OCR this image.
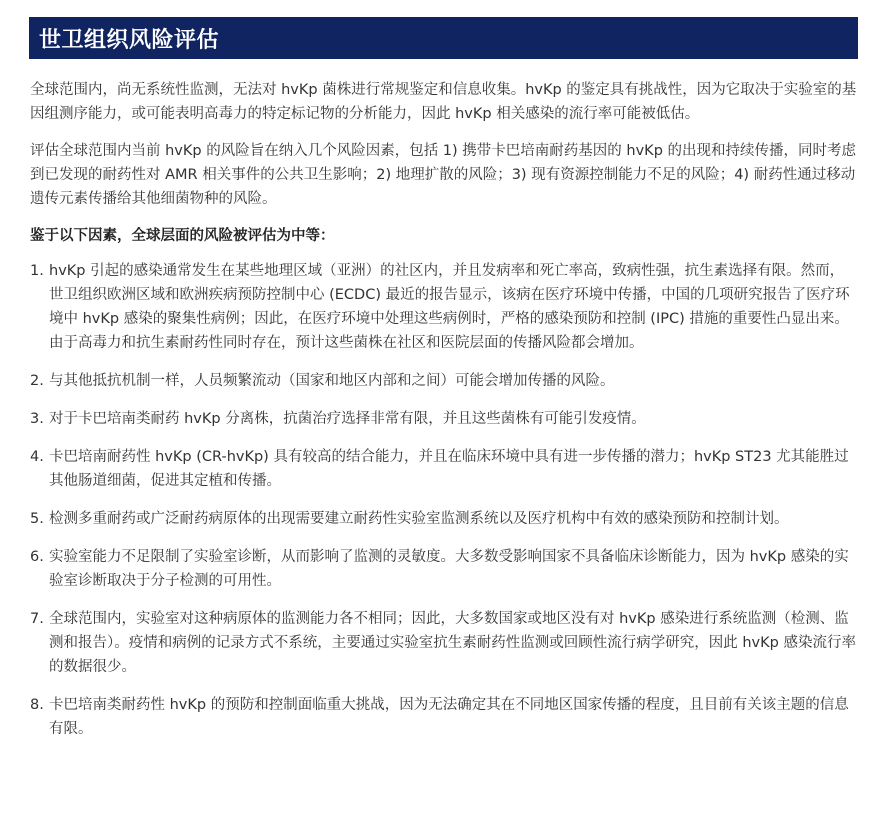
世卫组织风险评估

全球范围内，尚无系统性监测，无法对 hvKp 菌株进行常规鉴定和信息收集。hvKp 的鉴定具有挑战性，因为它取决于实验室的基因组测序能力，或可能表明高毒力的特定标记物的分析能力，因此 hvKp 相关感染的流行率可能被低估。

评估全球范围内当前 hvKp 的风险旨在纳入几个风险因素，包括 1) 携带卡巴培南耐药基因的 hvKp 的出现和持续传播，同时考虑到已发现的耐药性对 AMR 相关事件的公共卫生影响；2) 地理扩散的风险；3) 现有资源控制能力不足的风险；4) 耐药性通过移动遗传元素传播给其他细菌物种的风险。

鉴于以下因素，全球层面的风险被评估为中等：

1. hvKp 引起的感染通常发生在某些地理区域（亚洲）的社区内，并且发病率和死亡率高，致病性强，抗生素选择有限。然而，世卫组织欧洲区域和欧洲疾病预防控制中心 (ECDC) 最近的报告显示，该病在医疗环境中传播，中国的几项研究报告了医疗环境中 hvKp 感染的聚集性病例；因此，在医疗环境中处理这些病例时，严格的感染预防和控制 (IPC) 措施的重要性凸显出来。由于高毒力和抗生素耐药性同时存在，预计这些菌株在社区和医院层面的传播风险都会增加。
2. 与其他抵抗机制一样，人员频繁流动（国家和地区内部和之间）可能会增加传播的风险。
3. 对于卡巴培南类耐药 hvKp 分离株，抗菌治疗选择非常有限，并且这些菌株有可能引发疫情。
4. 卡巴培南耐药性 hvKp (CR-hvKp) 具有较高的结合能力，并且在临床环境中具有进一步传播的潜力；hvKp ST23 尤其能胜过其他肠道细菌，促进其定植和传播。
5. 检测多重耐药或广泛耐药病原体的出现需要建立耐药性实验室监测系统以及医疗机构中有效的感染预防和控制计划。
6. 实验室能力不足限制了实验室诊断，从而影响了监测的灵敏度。大多数受影响国家不具备临床诊断能力，因为 hvKp 感染的实验室诊断取决于分子检测的可用性。
7. 全球范围内，实验室对这种病原体的监测能力各不相同；因此，大多数国家或地区没有对 hvKp 感染进行系统监测（检测、监测和报告）。疫情和病例的记录方式不系统，主要通过实验室抗生素耐药性监测或回顾性流行病学研究，因此 hvKp 感染流行率的数据很少。
8. 卡巴培南类耐药性 hvKp 的预防和控制面临重大挑战，因为无法确定其在不同地区国家传播的程度，且目前有关该主题的信息有限。
